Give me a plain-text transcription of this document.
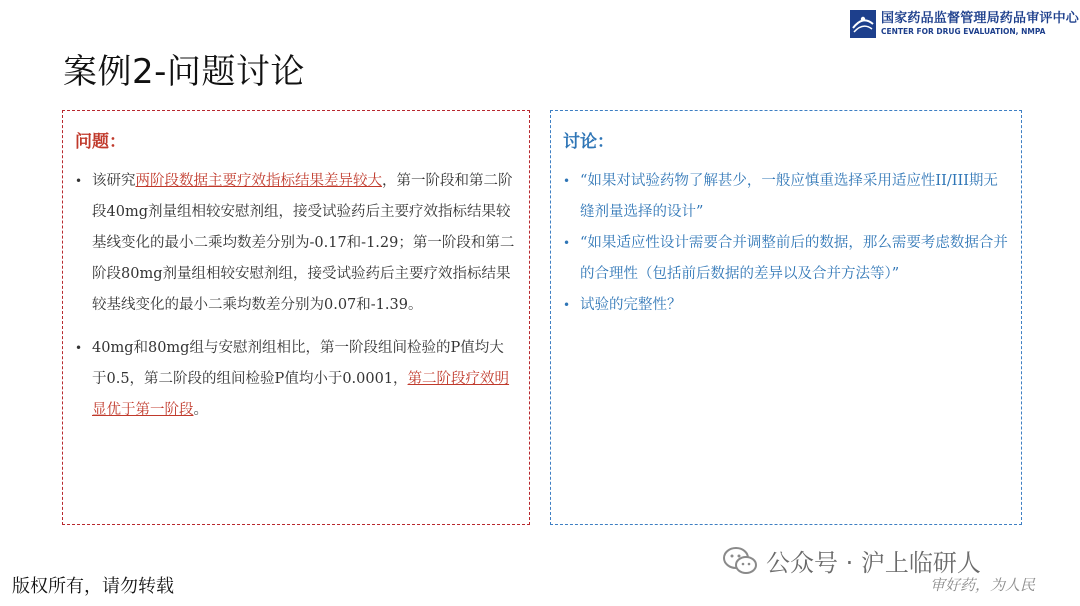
国家药品监督管理局药品审评中心
CENTER FOR DRUG EVALUATION, NMPA
案例2-问题讨论
问题：
• 该研究两阶段数据主要疗效指标结果差异较大，第一阶段和第二阶段40mg剂量组相较安慰剂组，接受试验药后主要疗效指标结果较基线变化的最小二乘均数差分别为-0.17和-1.29；第一阶段和第二阶段80mg剂量组相较安慰剂组，接受试验药后主要疗效指标结果较基线变化的最小二乘均数差分别为0.07和-1.39。
• 40mg和80mg组与安慰剂组相比，第一阶段组间检验的P值均大于0.5，第二阶段的组间检验P值均小于0.0001，第二阶段疗效明显优于第一阶段。
讨论：
• “如果对试验药物了解甚少，一般应慎重选择采用适应性II/III期无缝剂量选择的设计”
• “如果适应性设计需要合并调整前后的数据，那么需要考虑数据合并的合理性（包括前后数据的差异以及合并方法等）”
• 试验的完整性？
版权所有，请勿转载
公众号 · 沪上临研人
审好药，为人民
